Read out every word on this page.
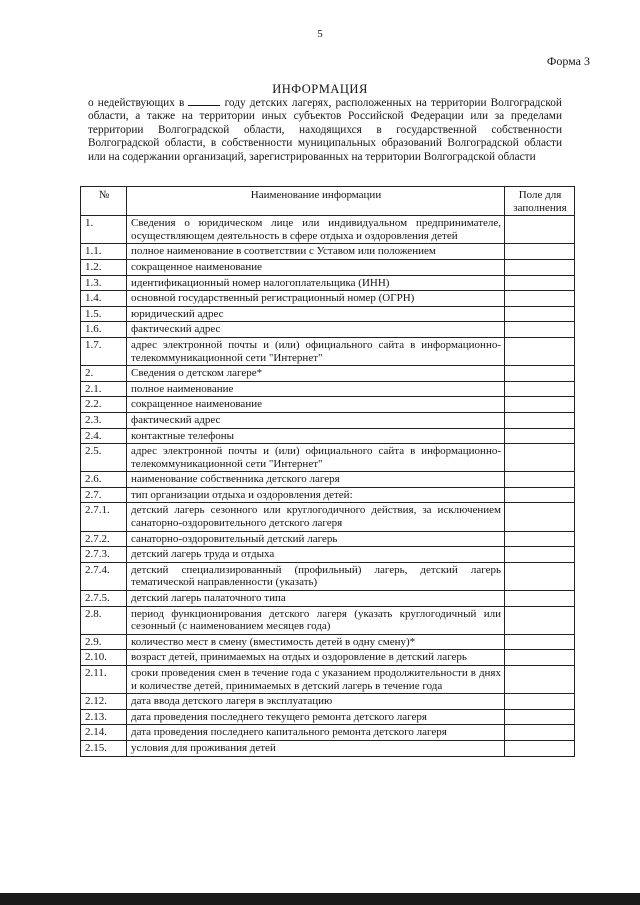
5
Форма 3
ИНФОРМАЦИЯ
о недействующих в	году детских лагерях, расположенных на территории Волгоградской области, а также на территории иных субъектов Российской Федерации или за пределами территории Волгоградской области, находящихся в государственной собственности Волгоградской области, в собственности муниципальных образований Волгоградской области или на содержании организаций, зарегистрированных на территории Волгоградской области
№	Наименование информации	Поле для заполнения
1.	Сведения о юридическом лице или индивидуальном предпринимателе, осуществляющем деятельность в сфере отдыха и оздоровления детей	
1.1.	полное наименование в соответствии с Уставом или положением	
1.2.	сокращенное наименование	
1.3.	идентификационный номер налогоплательщика (ИНН)	
1.4.	основной государственный регистрационный номер (ОГРН)	
1.5.	юридический адрес	
1.6.	фактический адрес	
1.7.	адрес электронной почты и (или) официального сайта в информационно-телекоммуникационной сети "Интернет"	
2.	Сведения о детском лагере*	
2.1.	полное наименование	
2.2.	сокращенное наименование	
2.3.	фактический адрес	
2.4.	контактные телефоны	
2.5.	адрес электронной почты и (или) официального сайта в информационно-телекоммуникационной сети "Интернет"	
2.6.	наименование собственника детского лагеря	
2.7.	тип организации отдыха и оздоровления детей:	
2.7.1.	детский лагерь сезонного или круглогодичного действия, за исключением санаторно-оздоровительного детского лагеря	
2.7.2.	санаторно-оздоровительный детский лагерь	
2.7.3.	детский лагерь труда и отдыха	
2.7.4.	детский специализированный (профильный) лагерь, детский лагерь тематической направленности (указать)	
2.7.5.	детский лагерь палаточного типа	
2.8.	период функционирования детского лагеря (указать круглогодичный или сезонный (с наименованием месяцев года)	
2.9.	количество мест в смену (вместимость детей в одну смену)*	
2.10.	возраст детей, принимаемых на отдых и оздоровление в детский лагерь	
2.11.	сроки проведения смен в течение года с указанием продолжительности в днях и количестве детей, принимаемых в детский лагерь в течение года	
2.12.	дата ввода детского лагеря в эксплуатацию	
2.13.	дата проведения последнего текущего ремонта детского лагеря	
2.14.	дата проведения последнего капитального ремонта детского лагеря	
2.15.	условия для проживания детей	
